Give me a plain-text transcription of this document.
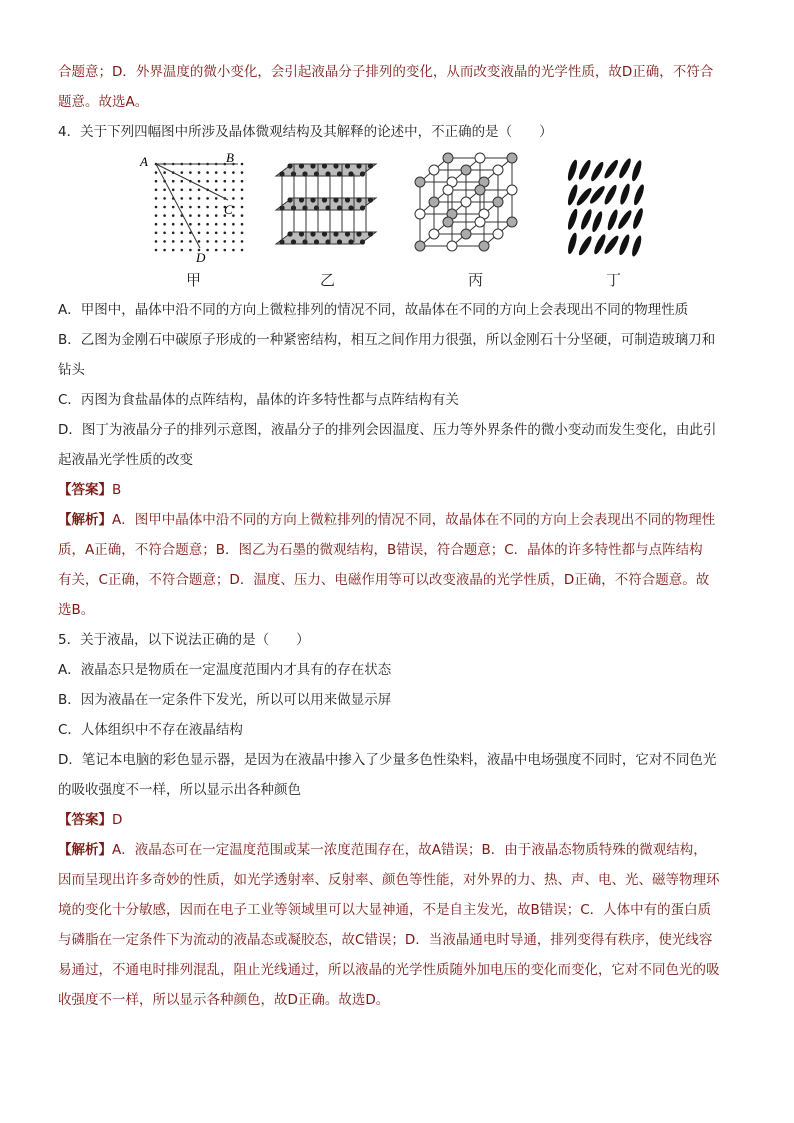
合题意；D．外界温度的微小变化，会引起液晶分子排列的变化，从而改变液晶的光学性质，故D正确，不符合
题意。故选A。
4．关于下列四幅图中所涉及晶体微观结构及其解释的论述中，不正确的是（　　）
A	B
C
D
甲	乙	丙	丁
A．甲图中，晶体中沿不同的方向上微粒排列的情况不同，故晶体在不同的方向上会表现出不同的物理性质
B．乙图为金刚石中碳原子形成的一种紧密结构，相互之间作用力很强，所以金刚石十分坚硬，可制造玻璃刀和
钻头
C．丙图为食盐晶体的点阵结构，晶体的许多特性都与点阵结构有关
D．图丁为液晶分子的排列示意图，液晶分子的排列会因温度、压力等外界条件的微小变动而发生变化，由此引
起液晶光学性质的改变
【答案】B
【解析】A．图甲中晶体中沿不同的方向上微粒排列的情况不同，故晶体在不同的方向上会表现出不同的物理性
质，A正确，不符合题意；B．图乙为石墨的微观结构，B错误，符合题意；C．晶体的许多特性都与点阵结构
有关，C正确，不符合题意；D．温度、压力、电磁作用等可以改变液晶的光学性质，D正确，不符合题意。故
选B。
5．关于液晶，以下说法正确的是（　　）
A．液晶态只是物质在一定温度范围内才具有的存在状态
B．因为液晶在一定条件下发光，所以可以用来做显示屏
C．人体组织中不存在液晶结构
D．笔记本电脑的彩色显示器，是因为在液晶中掺入了少量多色性染料，液晶中电场强度不同时，它对不同色光
的吸收强度不一样，所以显示出各种颜色
【答案】D
【解析】A．液晶态可在一定温度范围或某一浓度范围存在，故A错误；B．由于液晶态物质特殊的微观结构，
因而呈现出许多奇妙的性质，如光学透射率、反射率、颜色等性能，对外界的力、热、声、电、光、磁等物理环
境的变化十分敏感，因而在电子工业等领域里可以大显神通，不是自主发光，故B错误；C．人体中有的蛋白质
与磷脂在一定条件下为流动的液晶态或凝胶态，故C错误；D．当液晶通电时导通，排列变得有秩序，使光线容
易通过，不通电时排列混乱，阻止光线通过，所以液晶的光学性质随外加电压的变化而变化，它对不同色光的吸
收强度不一样，所以显示各种颜色，故D正确。故选D。
